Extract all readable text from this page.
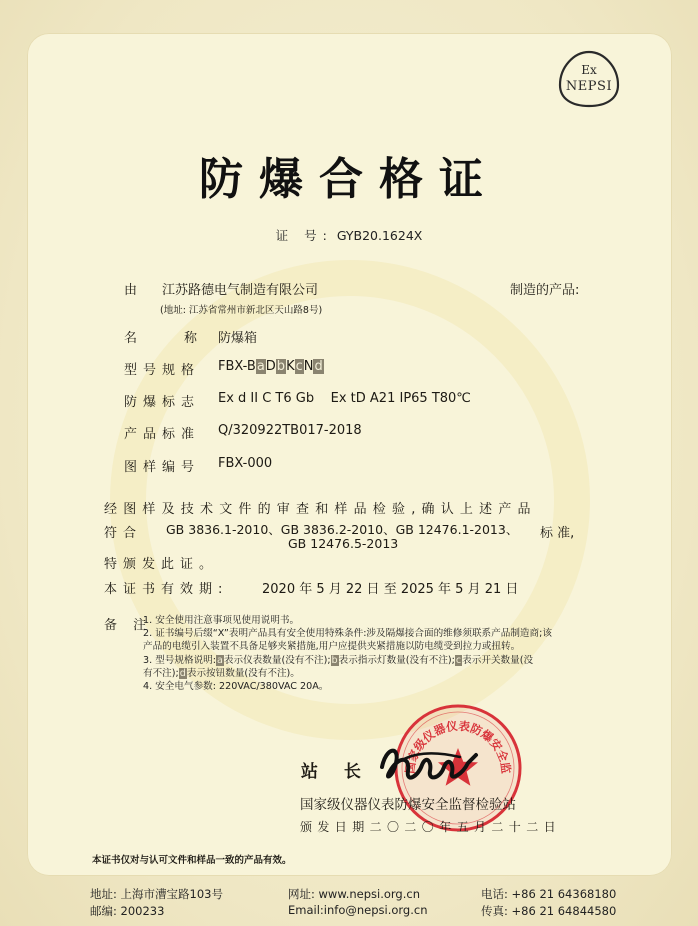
Ex
NEPSI
防爆合格证
证 号: GYB20.1624X
由 江苏路德电气制造有限公司	制造的产品:
(地址: 江苏省常州市新北区天山路8号)
名	称 防爆箱
型号规格 FBX-BaDbKcNd
防爆标志 Ex d II C T6 Gb    Ex tD A21 IP65 T80℃
产品标准 Q/320922TB017-2018
图样编号 FBX-000
经图样及技术文件的审查和样品检验,确认上述产品
符合 GB 3836.1-2010、GB 3836.2-2010、GB 12476.1-2013、
GB 12476.5-2013
标 准,
特颁发此证。
本证书有效期:	2020 年 5 月 22 日 至 2025 年 5 月 21 日
备 注
1. 安全使用注意事项见使用说明书。
2. 证书编号后缀“X”表明产品具有安全使用特殊条件:涉及隔爆接合面的维修须联系产品制造商;该
产品的电缆引入装置不具备足够夹紧措施,用户应提供夹紧措施以防电缆受到拉力或扭转。
3. 型号规格说明:a表示仪表数量(没有不注);b表示指示灯数量(没有不注);c表示开关数量(没
有不注);d表示按钮数量(没有不注)。
4. 安全电气参数: 220VAC/380VAC 20A。
国家级仪器仪表防爆安全监
站 长
国家级仪器仪表防爆安全监督检验站
颁发日期二〇二〇年五月二十二日
本证书仅对与认可文件和样品一致的产品有效。
地址: 上海市漕宝路103号
邮编: 200233
网址: www.nepsi.org.cn
Email:info@nepsi.org.cn
电话: +86 21 64368180
传真: +86 21 64844580
